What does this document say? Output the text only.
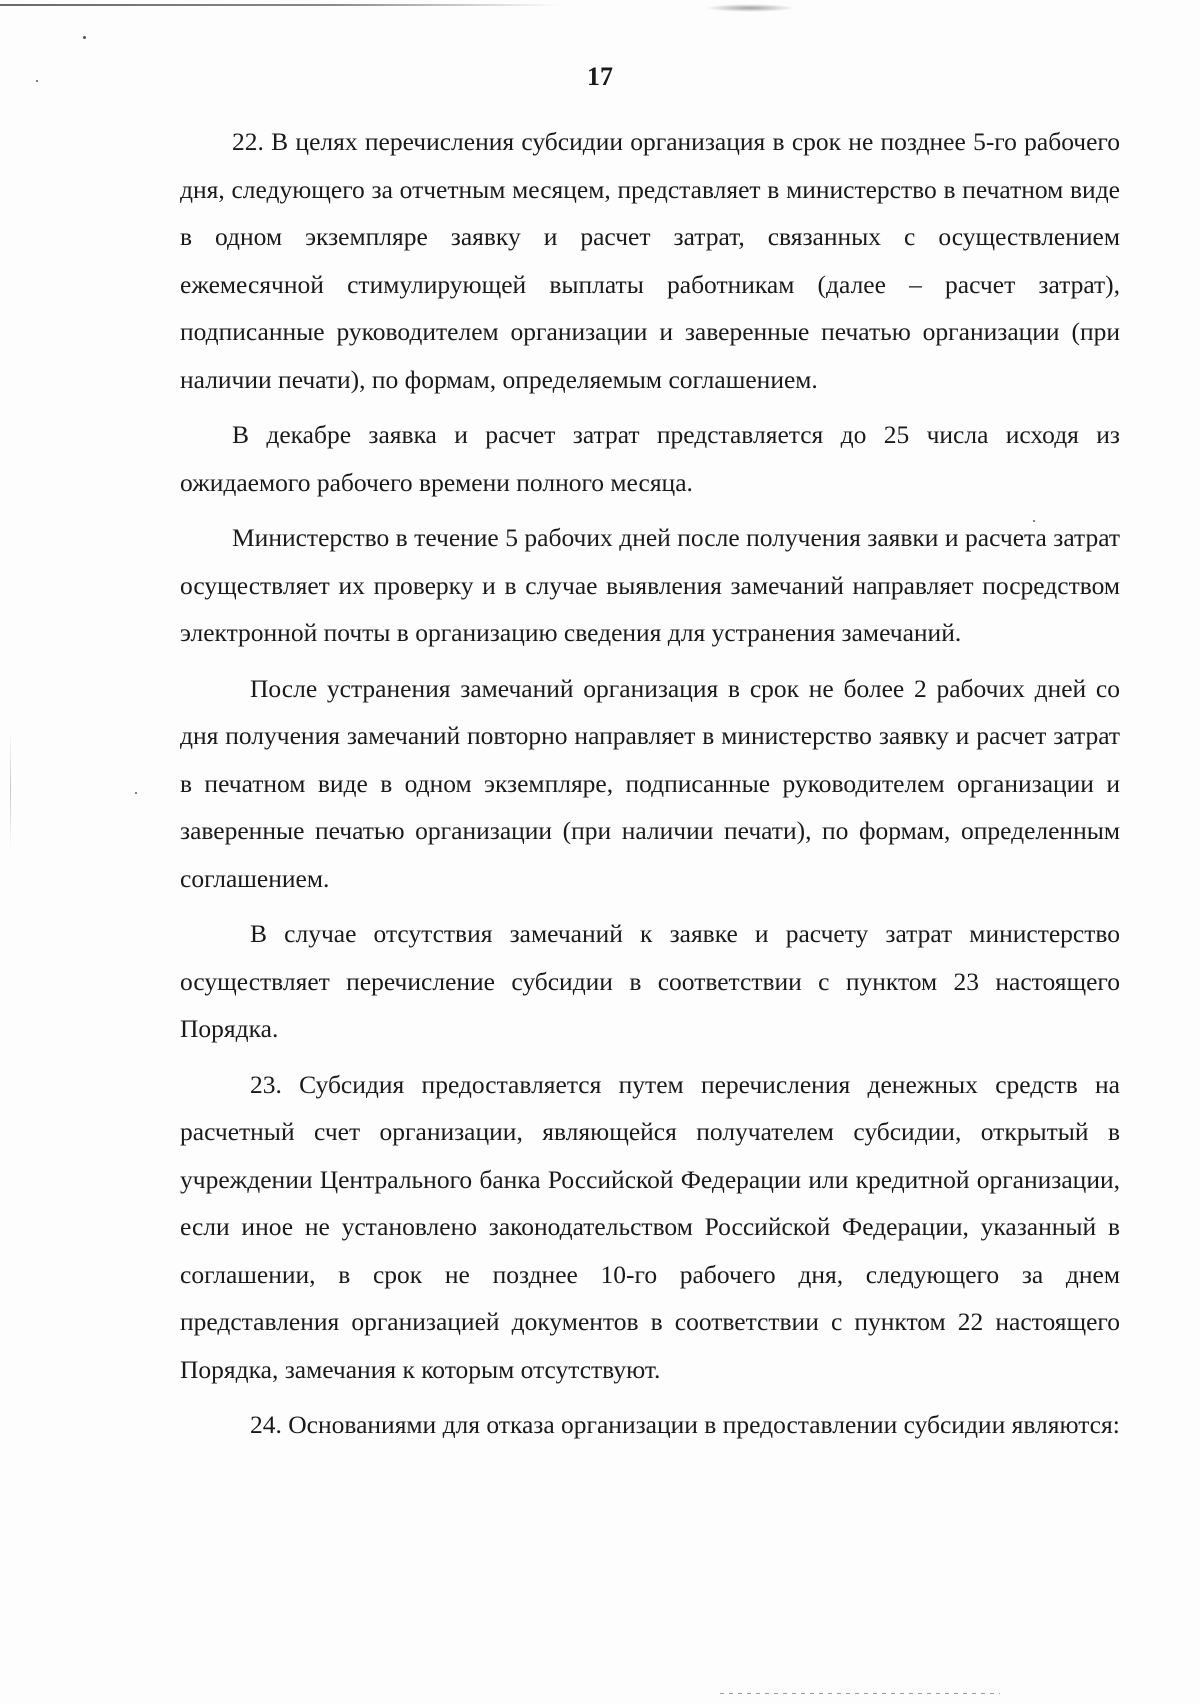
17

22. В целях перечисления субсидии организация в срок не позднее 5-го рабочего дня, следующего за отчетным месяцем, представляет в министерство в печатном виде в одном экземпляре заявку и расчет затрат, связанных с осуществлением ежемесячной стимулирующей выплаты работникам (далее – расчет затрат), подписанные руководителем организации и заверенные печатью организации (при наличии печати), по формам, определяемым соглашением.

В декабре заявка и расчет затрат представляется до 25 числа исходя из ожидаемого рабочего времени полного месяца.

Министерство в течение 5 рабочих дней после получения заявки и расчета затрат осуществляет их проверку и в случае выявления замечаний направляет посредством электронной почты в организацию сведения для устранения замечаний.

После устранения замечаний организация в срок не более 2 рабочих дней со дня получения замечаний повторно направляет в министерство заявку и расчет затрат в печатном виде в одном экземпляре, подписанные руководителем организации и заверенные печатью организации (при наличии печати), по формам, определенным соглашением.

В случае отсутствия замечаний к заявке и расчету затрат министерство осуществляет перечисление субсидии в соответствии с пунктом 23 настоящего Порядка.

23. Субсидия предоставляется путем перечисления денежных средств на расчетный счет организации, являющейся получателем субсидии, открытый в учреждении Центрального банка Российской Федерации или кредитной организации, если иное не установлено законодательством Российской Федерации, указанный в соглашении, в срок не позднее 10-го рабочего дня, следующего за днем представления организацией документов в соответствии с пунктом 22 настоящего Порядка, замечания к которым отсутствуют.

24. Основаниями для отказа организации в предоставлении субсидии являются:
